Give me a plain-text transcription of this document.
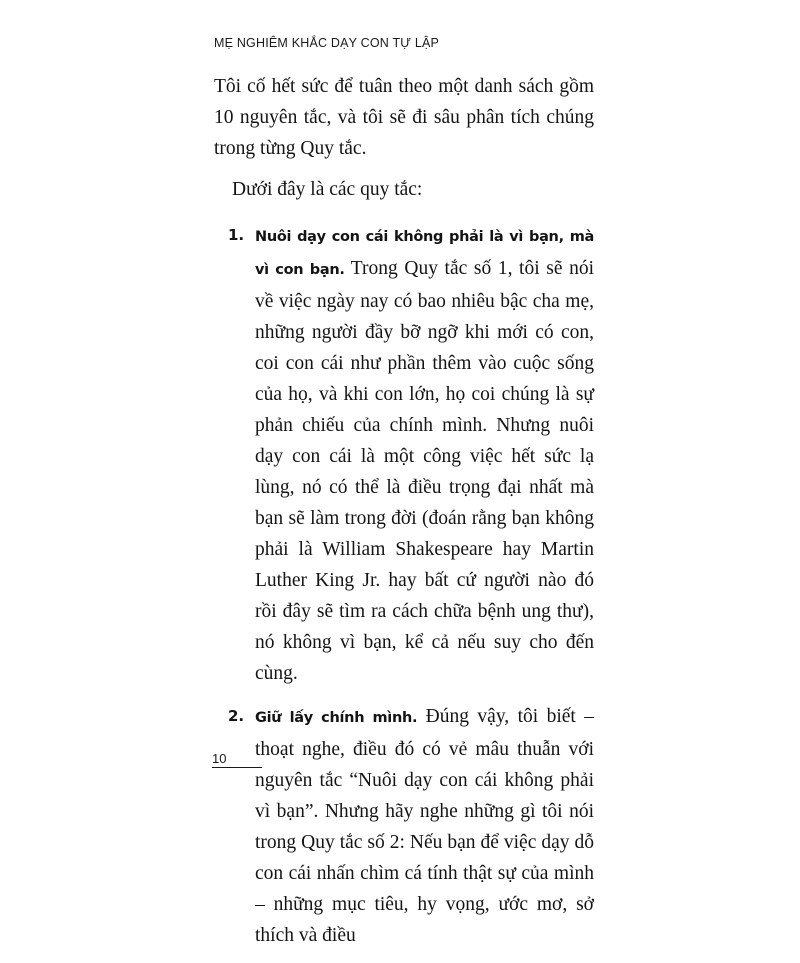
MẸ NGHIÊM KHẮC DẠY CON TỰ LẬP

Tôi cố hết sức để tuân theo một danh sách gồm 10 nguyên tắc, và tôi sẽ đi sâu phân tích chúng trong từng Quy tắc.

Dưới đây là các quy tắc:

1. Nuôi dạy con cái không phải là vì bạn, mà vì con bạn. Trong Quy tắc số 1, tôi sẽ nói về việc ngày nay có bao nhiêu bậc cha mẹ, những người đầy bỡ ngỡ khi mới có con, coi con cái như phần thêm vào cuộc sống của họ, và khi con lớn, họ coi chúng là sự phản chiếu của chính mình. Nhưng nuôi dạy con cái là một công việc hết sức lạ lùng, nó có thể là điều trọng đại nhất mà bạn sẽ làm trong đời (đoán rằng bạn không phải là William Shakespeare hay Martin Luther King Jr. hay bất cứ người nào đó rồi đây sẽ tìm ra cách chữa bệnh ung thư), nó không vì bạn, kể cả nếu suy cho đến cùng.
2. Giữ lấy chính mình. Đúng vậy, tôi biết – thoạt nghe, điều đó có vẻ mâu thuẫn với nguyên tắc “Nuôi dạy con cái không phải vì bạn”. Nhưng hãy nghe những gì tôi nói trong Quy tắc số 2: Nếu bạn để việc dạy dỗ con cái nhấn chìm cá tính thật sự của mình – những mục tiêu, hy vọng, ước mơ, sở thích và điều
10
